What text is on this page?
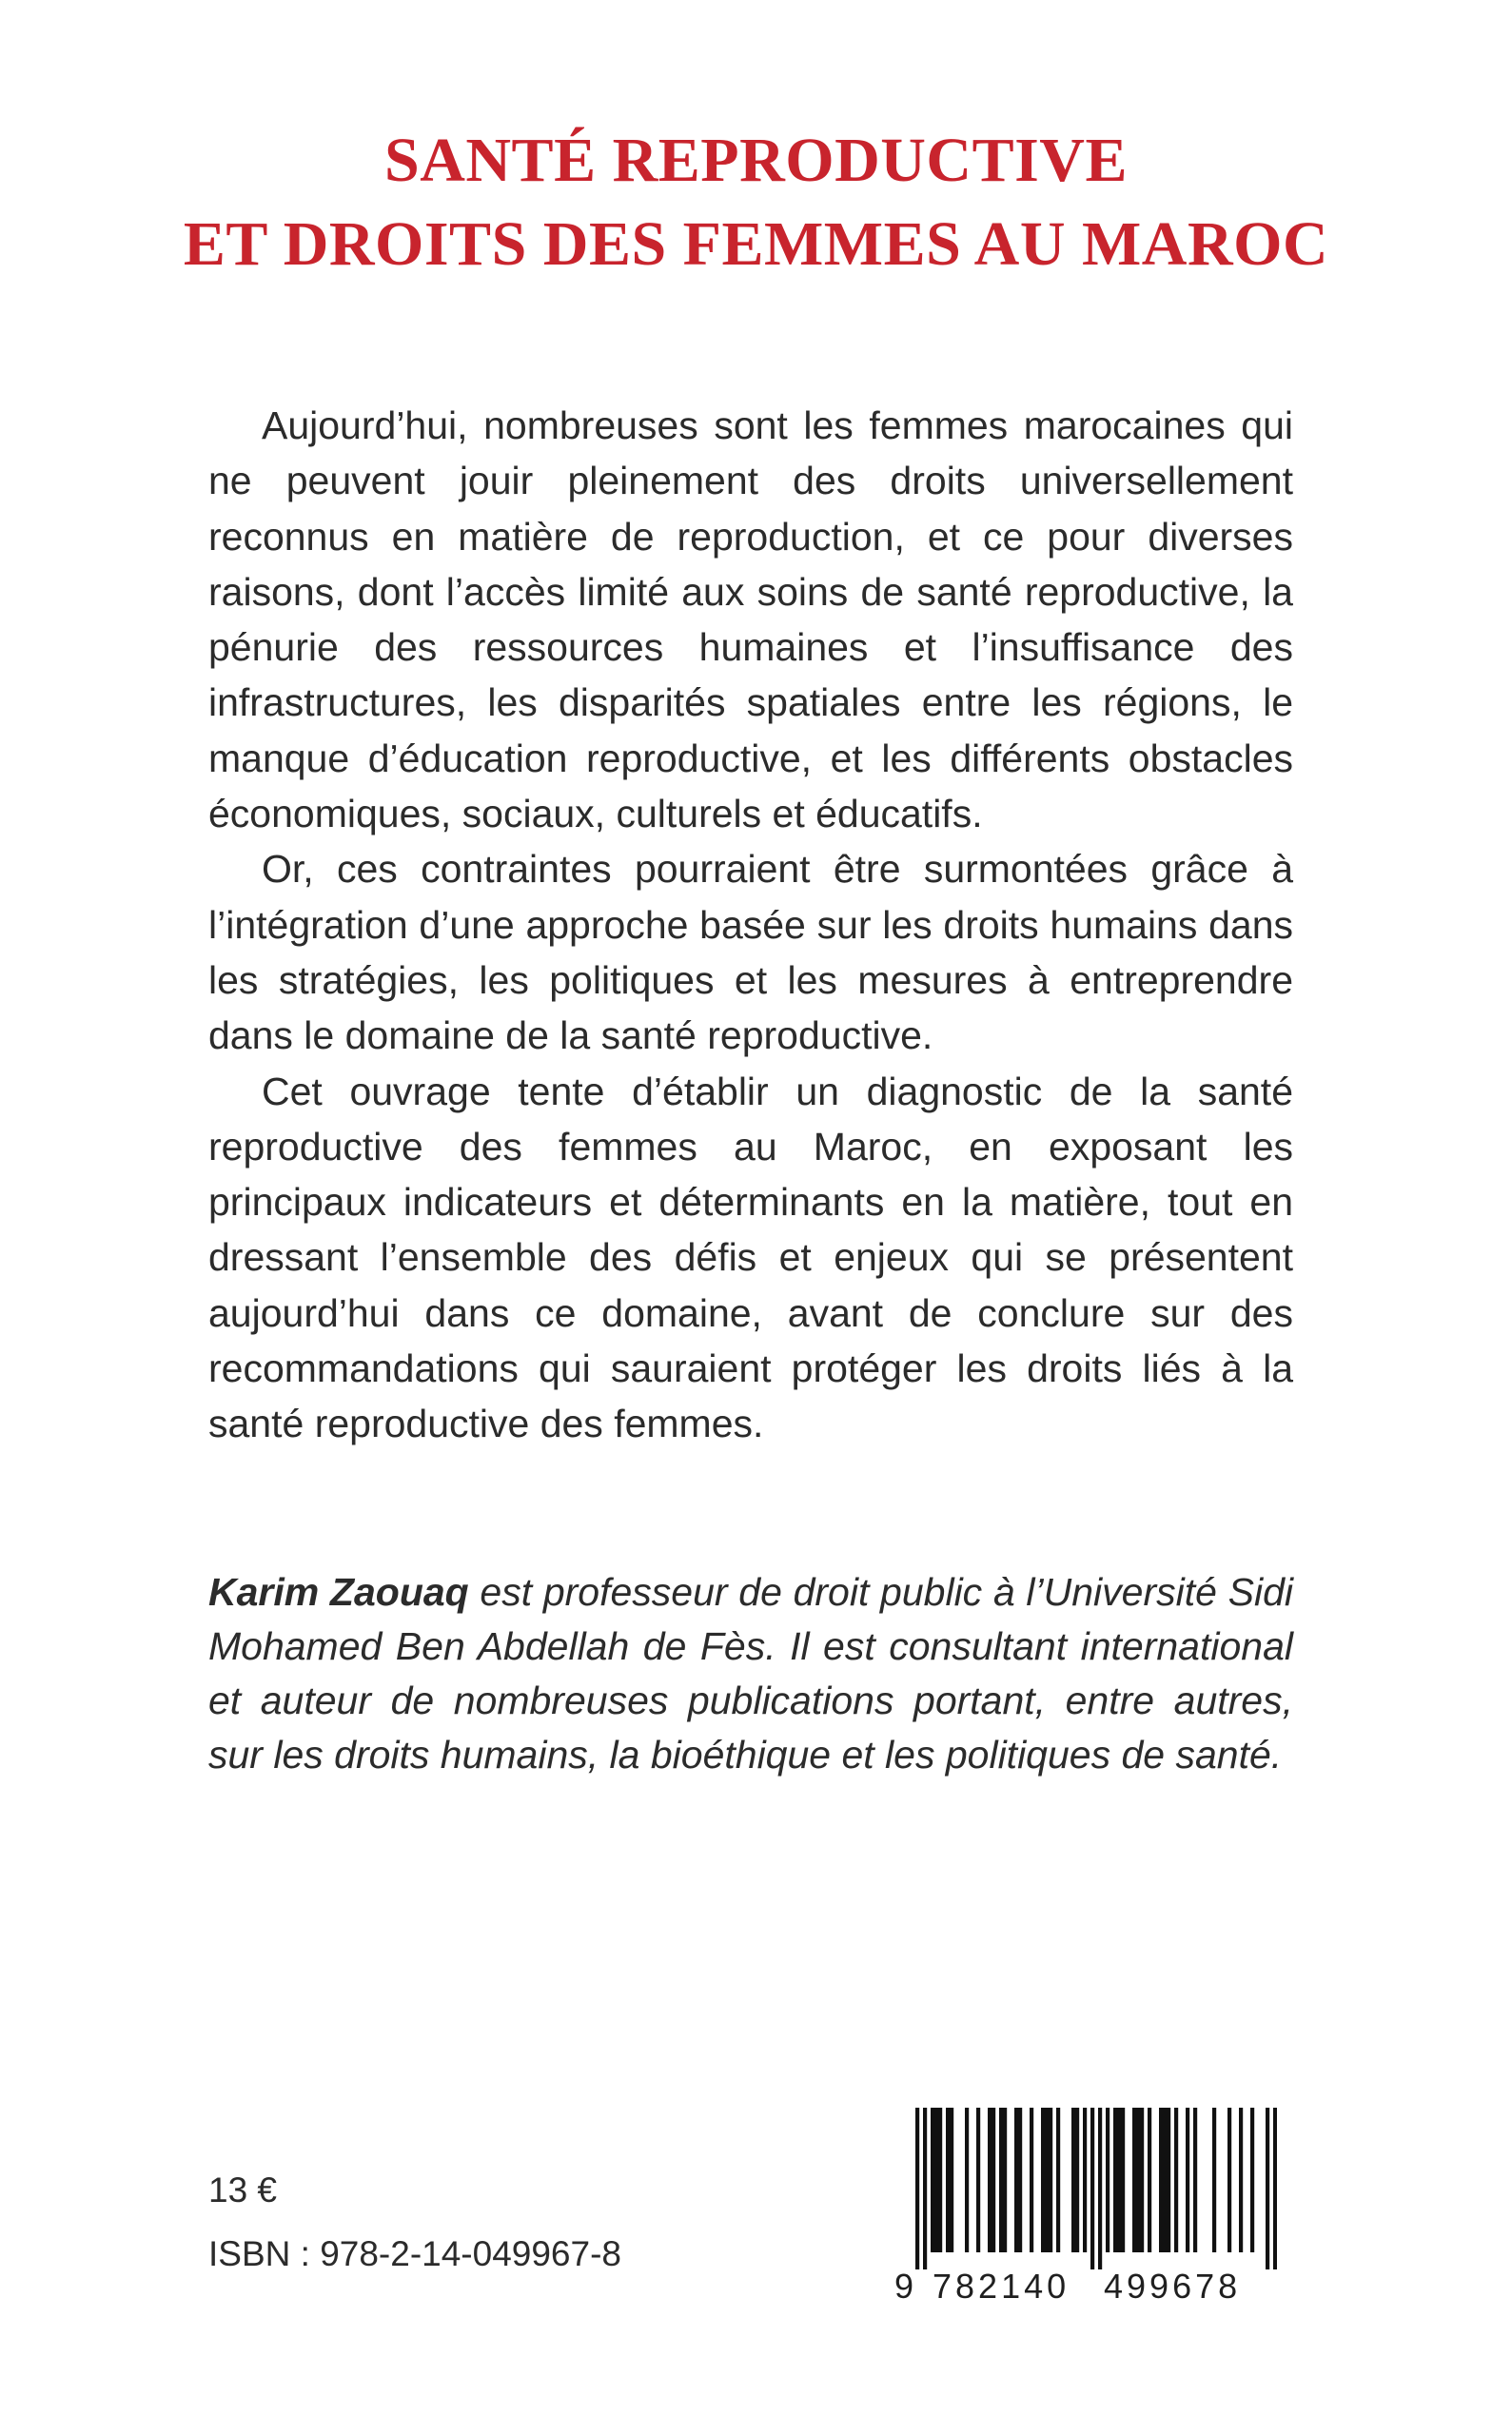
SANTÉ REPRODUCTIVE
ET DROITS DES FEMMES AU MAROC

Aujourd’hui, nombreuses sont les femmes marocaines qui ne peuvent jouir pleinement des droits universellement reconnus en matière de reproduction, et ce pour diverses raisons, dont l’accès limité aux soins de santé reproductive, la pénurie des ressources humaines et l’insuffisance des infrastructures, les disparités spatiales entre les régions, le manque d’éducation reproductive, et les différents obstacles économiques, sociaux, culturels et éducatifs.

Or, ces contraintes pourraient être surmontées grâce à l’intégration d’une approche basée sur les droits humains dans les stratégies, les politiques et les mesures à entreprendre dans le domaine de la santé reproductive.

Cet ouvrage tente d’établir un diagnostic de la santé reproductive des femmes au Maroc, en exposant les principaux indicateurs et déterminants en la matière, tout en dressant l’ensemble des défis et enjeux qui se présentent aujourd’hui dans ce domaine, avant de conclure sur des recommandations qui sauraient protéger les droits liés à la santé reproductive des femmes.

Karim Zaouaq est professeur de droit public à l’Université Sidi Mohamed Ben Abdellah de Fès. Il est consultant international et auteur de nombreuses publications portant, entre autres, sur les droits humains, la bioéthique et les politiques de santé.

13 €
ISBN : 978-2-14-049967-8
9 782140 499678
